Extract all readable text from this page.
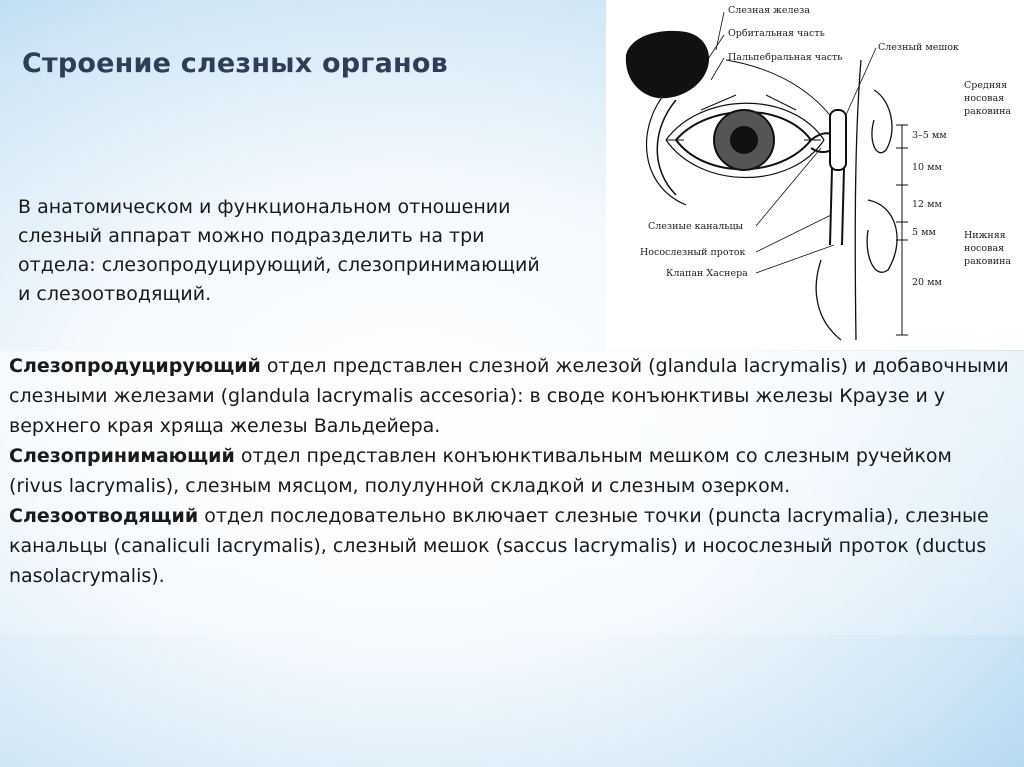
Строение слезных органов

В анатомическом и функциональном отношении слезный аппарат можно подразделить на три отдела: слезопродуцирующий, слезопринимающий и слезоотводящий.

Слезная железа
Орбитальная часть
Пальпебральная часть
Слезный мешок
Средняя
носовая
раковина
Слезные канальцы
Носослезный проток
Клапан Хаснера
Нижняя
носовая
раковина
3–5 мм
10 мм
12 мм
5 мм
20 мм

Слезопродуцирующий отдел представлен слезной железой (glandula lacrymalis) и добавочными слезными железами (glandula lacrymalis accesoria): в своде конъюнктивы железы Краузе и у верхнего края хряща железы Вальдейера.

Слезопринимающий отдел представлен конъюнктивальным мешком со слезным ручейком (rivus lacrymalis), слезным мясцом, полулунной складкой и слезным озерком.

Слезоотводящий отдел последовательно включает слезные точки (puncta lacrymalia), слезные канальцы (canaliculi lacrymalis), слезный мешок (saccus lacrymalis) и носослезный проток (ductus nasolacrymalis).
